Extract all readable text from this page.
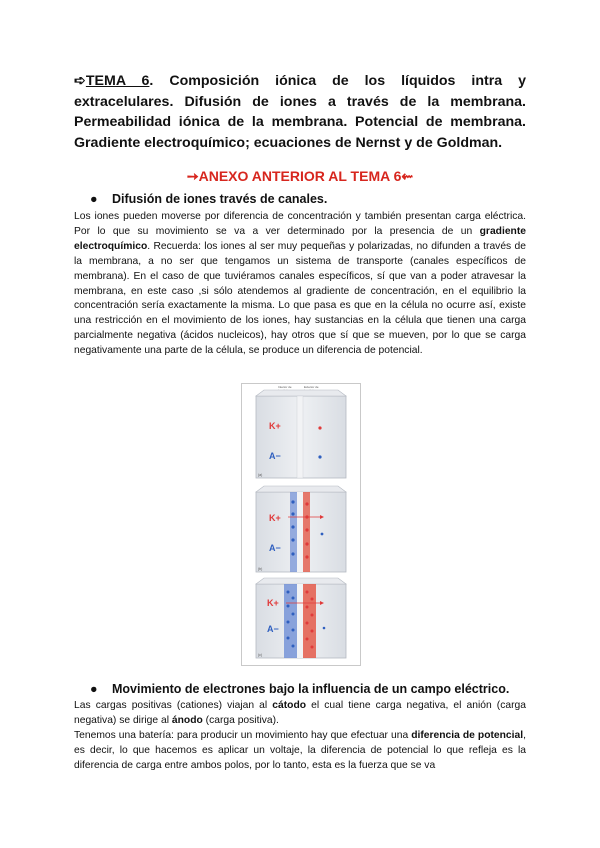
➪TEMA 6. Composición iónica de los líquidos intra y extracelulares. Difusión de iones a través de la membrana. Permeabilidad iónica de la membrana. Potencial de membrana. Gradiente electroquímico; ecuaciones de Nernst y de Goldman.

➙ANEXO ANTERIOR AL TEMA 6⇜
● Difusión de iones través de canales.

Los iones pueden moverse por diferencia de concentración y también presentan carga eléctrica. Por lo que su movimiento se va a ver determinado por la presencia de un gradiente electroquímico. Recuerda: los iones al ser muy pequeñas y polarizadas, no difunden a través de la membrana, a no ser que tengamos un sistema de transporte (canales específicos de membrana). En el caso de que tuviéramos canales específicos, sí que van a poder atravesar la membrana, en este caso ,si sólo atendemos al gradiente de concentración, en el equilibrio la concentración sería exactamente la misma. Lo que pasa es que en la célula no ocurre así, existe una restricción en el movimiento de los iones, hay sustancias en la célula que tienen una carga parcialmente negativa (ácidos nucleicos), hay otros que sí que se mueven, por lo que se carga negativamente una parte de la célula, se produce un diferencia de potencial.

Interior de	Exterior de
K+
A−
(a)
K+
A−
(b)
K+
A−
(c)
● Movimiento de electrones bajo la influencia de un campo eléctrico.

Las cargas positivas (cationes) viajan al cátodo el cual tiene carga negativa, el anión (carga negativa) se dirige al ánodo (carga positiva).

Tenemos una batería: para producir un movimiento hay que efectuar una diferencia de potencial, es decir, lo que hacemos es aplicar un voltaje, la diferencia de potencial lo que refleja es la diferencia de carga entre ambos polos, por lo tanto, esta es la fuerza que se va
